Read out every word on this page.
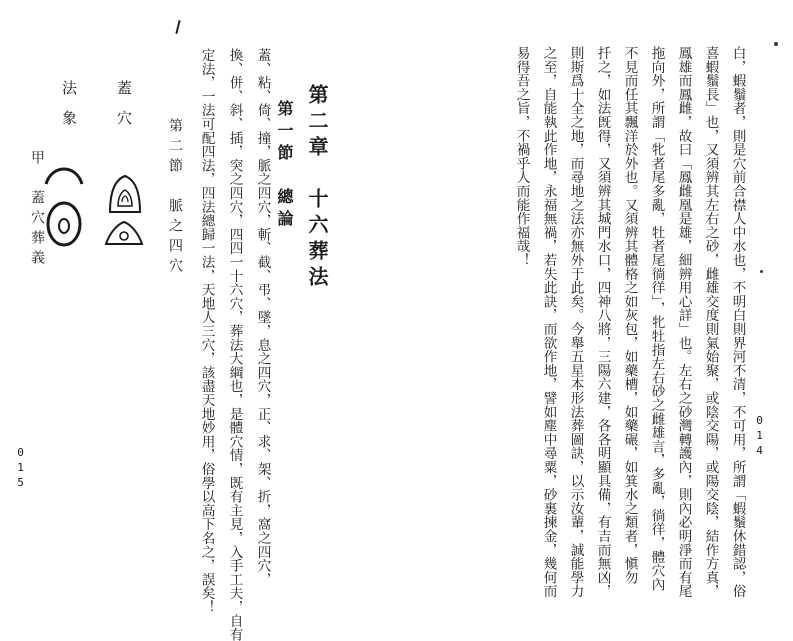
第二章　十六葬法
第一節　總論
蓋、粘、倚、撞，脈之四穴，斬、截、弔、墜，息之四穴，正、求、架、折，窩之四穴，
換、併、斜、插，突之四穴，四四一十六穴，葬法大綱也，是體穴情，既有主見，入手工夫，自有
定法，一法可配四法，四法總歸一法，天地人三穴，該盡天地妙用，俗學以高下名之，誤矣！
第二節　脈之四穴
甲　蓋穴葬義
蓋　穴
法　象
015	白，蝦鬚者，則是穴前合襟人中水也，不明白則界河不清，不可用，所謂「蝦鬚休錯認，俗
喜蝦鬚長」也，又須辨其左右之砂，雌雄交度則氣始聚，或陰交陽，或陽交陰，結作方真，
鳳雄而鳳雌，故曰「鳳雌凰是雄，細辨用心詳」也。左右之砂灣轉護內，則內必明淨而有尾
拖向外，所謂「牝者尾多亂，牡者尾徜徉」，牝牡指左右砂之雌雄言，多亂，徜徉，體穴內
不見而任其飄洋於外也。又須辨其體格之如灰包，如藥槽，如藥碾，如箕水之類者，愼勿
扦之，如法旣得，又須辨其城門水口，四神八將，三陽六建，各各明顯具備，有吉而無凶，
則斯爲十全之地，而尋地之法亦無外于此矣。今舉五星本形法葬圖訣，以示汝輩，誠能學力
之至，自能執此作地，永福無禍，若失此訣，而欲作地，譬如塵中尋粟，砂裏揀金，幾何而
易得吾之旨，不禍乎人而能作福哉！
014
